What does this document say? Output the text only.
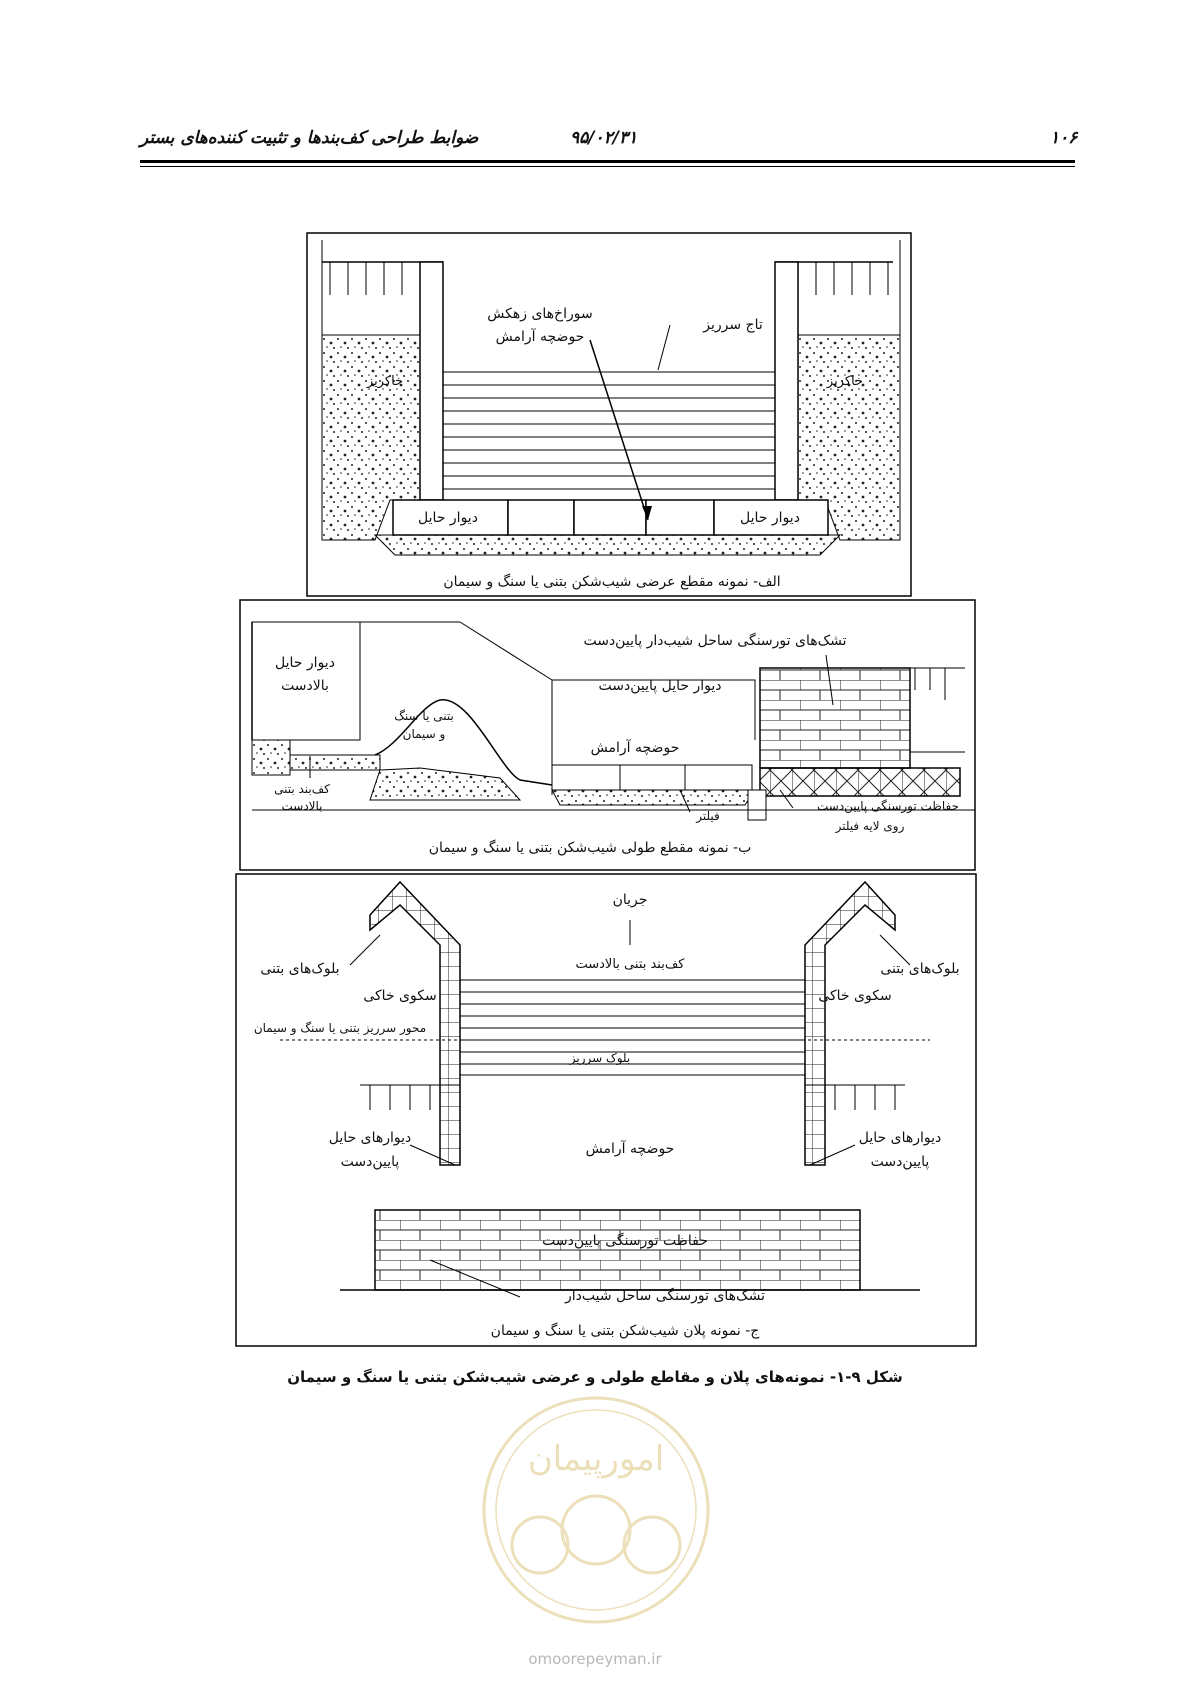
۱۰۶
۹۵/۰۲/۳۱
ضوابط طراحی کف‌بندها و تثبیت کننده‌های بستر
سوراخ‌های زهکش
حوضچه آرامش
تاج سرریز
خاکریز	خاکریز
دیوار حایل	دیوار حایل
الف- نمونه مقطع عرضی شیب‌شکن بتنی یا سنگ و سیمان
تشک‌های تورسنگی ساحل شیب‌دار پایین‌دست
دیوار حایل
بالادست	دیوار حایل پایین‌دست
بتنی یا سنگ
و سیمان
حوضچه آرامش
کف‌بند بتنی
بالادست
فیلتر
حفاظت تورسنگی پایین‌دست
روی لایه فیلتر
ب- نمونه مقطع طولی شیب‌شکن بتنی یا سنگ و سیمان
جریان
کف‌بند بتنی بالادست
بلوک‌های بتنی	بلوک‌های بتنی
سکوی خاکی	سکوی خاکی
محور سرریز بتنی یا سنگ و سیمان
بلوک سرریز
دیوارهای حایل
پایین‌دست
دیوارهای حایل
پایین‌دست
حوضچه آرامش
حفاظت تورسنگی پایین‌دست
تشک‌های تورسنگی ساحل شیب‌دار
ج- نمونه پلان شیب‌شکن بتنی یا سنگ و سیمان
امورپیمان
شکل ۹-۱- نمونه‌های پلان و مقاطع طولی و عرضی شیب‌شکن بتنی یا سنگ و سیمان
omoorepeyman.ir
